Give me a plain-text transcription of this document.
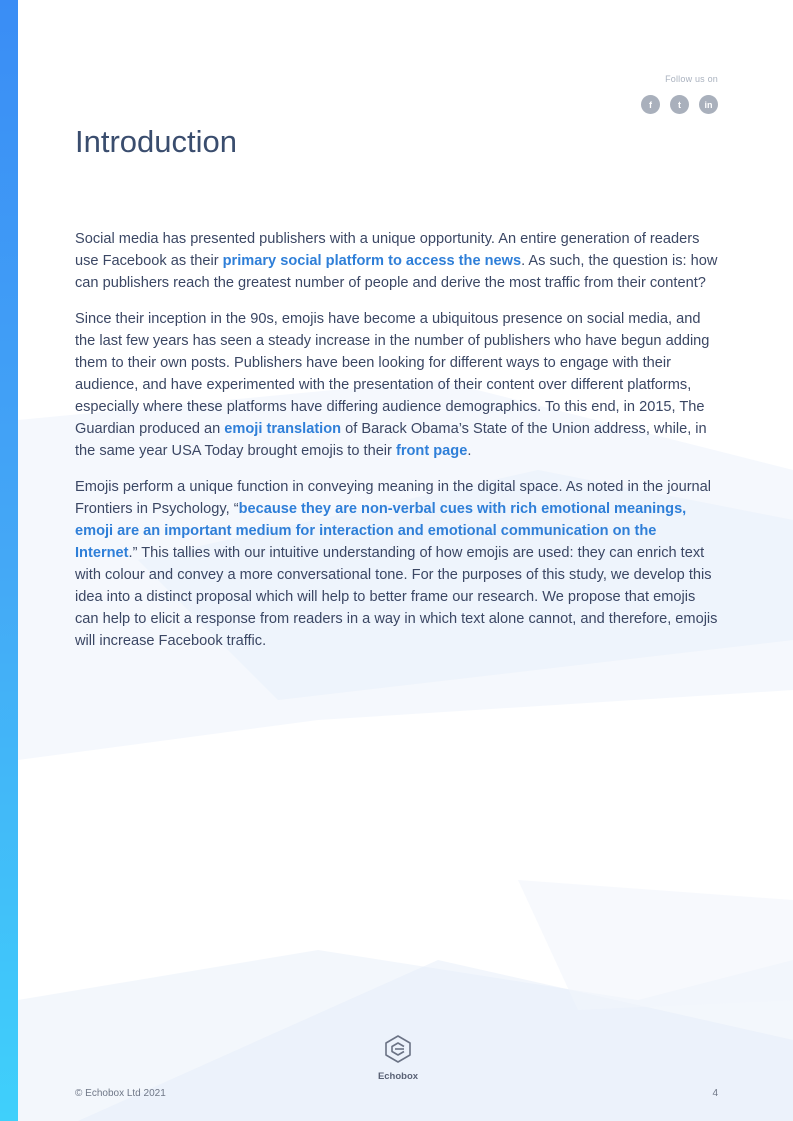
Follow us on
f	t	in
Introduction

Social media has presented publishers with a unique opportunity. An entire generation of readers use Facebook as their primary social platform to access the news. As such, the question is: how can publishers reach the greatest number of people and derive the most traffic from their content?

Since their inception in the 90s, emojis have become a ubiquitous presence on social media, and the last few years has seen a steady increase in the number of publishers who have begun adding them to their own posts. Publishers have been looking for different ways to engage with their audience, and have experimented with the presentation of their content over different platforms, especially where these platforms have differing audience demographics. To this end, in 2015, The Guardian produced an emoji translation of Barack Obama’s State of the Union address, while, in the same year USA Today brought emojis to their front page.

Emojis perform a unique function in conveying meaning in the digital space. As noted in the journal Frontiers in Psychology, “because they are non-verbal cues with rich emotional meanings, emoji are an important medium for interaction and emotional communication on the Internet.” This tallies with our intuitive understanding of how emojis are used: they can enrich text with colour and convey a more conversational tone. For the purposes of this study, we develop this idea into a distinct proposal which will help to better frame our research. We propose that emojis can help to elicit a response from readers in a way in which text alone cannot, and therefore, emojis will increase Facebook traffic.

Echobox
© Echobox Ltd 2021	4
